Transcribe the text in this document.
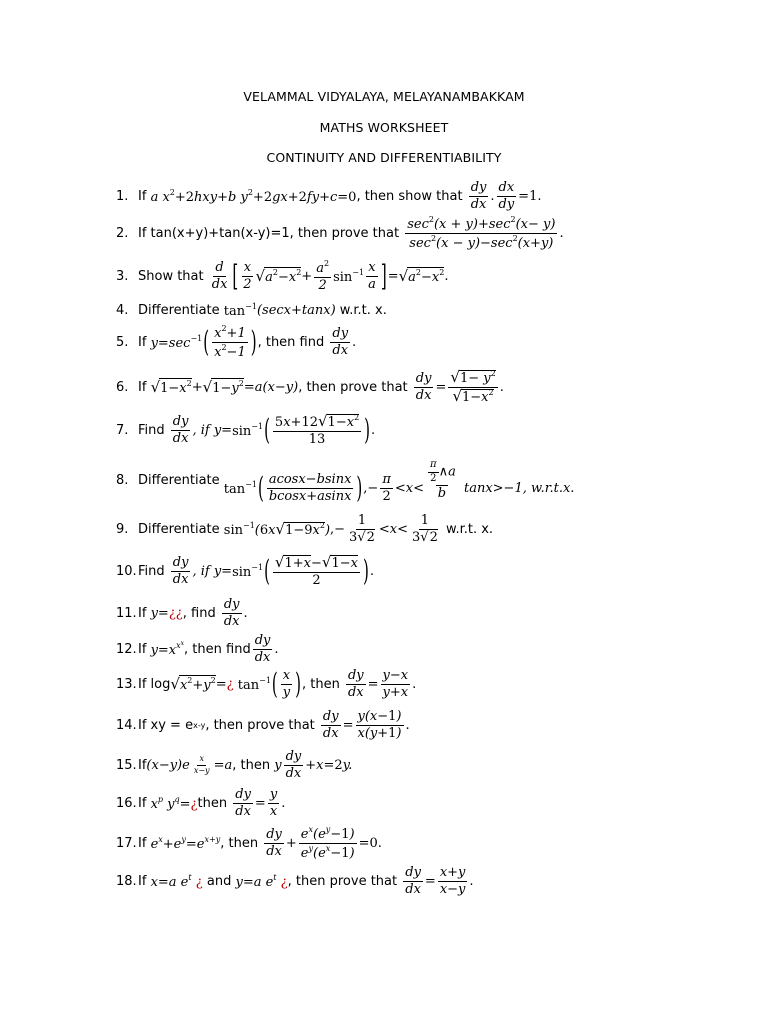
VELAMMAL VIDYALAYA, MELAYANAMBAKKAM
MATHS WORKSHEET
CONTINUITY AND DIFFERENTIABILITY
1. If
a $x^2+2hxy+b$ $y^2+2gx+2fy+c=0$ , then show that
$\frac{dy}{dx}$ . $\frac{dx}{dy} =1$.
2. If tan(x+y)+tan(x-y)=1, then prove that
$\frac{\sec^2(x + y)+\sec^2(x- y)}{\sec^2(x - y)-\sec^2(x+y)}$ .
3. Show that
$\frac{d}{dx}$ [ $\frac{x}{2}$ √ $a^2-x^2 + \frac{a^2}{2} \sin^{-1} \frac{x}{a}$ ] = √ $a^2-x^2$ .
4. Differentiate
$\tan^{-1} (\sec x+\tan x)$
w.r.t. x.
5. If
$y=\sec^{-1}$ ( $\frac{x^2+1}{x^2-1}$ ) , then find
$\frac{dy}{dx}$ .
6. If
√ $1-x^2$ + √ $1-y^2 =a(x-y)$ , then prove that
$\frac{dy}{dx} = \frac{√1- y^2}{√1-x^2}$ .
7. Find
$\frac{dy}{dx}$ , if $y= \sin^{-1}$ ( $\frac{5x+12√1-x^2}{13}$ ) .
8. Differentiate

$\tan^{-1}$ ( $\frac{acosx-bsinx}{bcosx+asinx}$ ) ,− $\frac{\pi}{2} <x< \frac{\frac{\pi}{2} \wedge a}{b} \tan x>-1$, w.r.t.x.
9. Differentiate
$\sin^{-1} (6x√1-9x^2)$ ,− $\frac{1}{3√2} <x< \frac{1}{3√2}$
w.r.t. x.
10. Find
$\frac{dy}{dx}$ , if $y= \sin^{-1}$ ( $\frac{√1+x-√1-x}{2}$ ) .
11. If
y=¿¿ , find
$\frac{dy}{dx}$ .
12. If
$y=x^{x^x}$ , then find $\frac{dy}{dx}$ .
13. If log √ $x^2+y^2$ =¿
$\tan^{-1}$ ( $\frac{x}{y}$ ) , then
$\frac{dy}{dx} = \frac{y-x}{y+x}$ .
14. If xy = e x-y , then prove that
$\frac{dy}{dx} = \frac{y(x-1)}{x(y+1)}$ .
15. If $(x-y)e \frac{x}{x-y} =a$ , then
y $\frac{dy}{dx} +x=2y$.
16. If
$x^p$ $y^q=¿$ then
$\frac{dy}{dx} = \frac{y}{x}$ .
17. If
$e^x+e^y=e^{x+y}$ , then
$\frac{dy}{dx} + \frac{e^x(e^y-1)}{e^y(e^x-1)} =0$.
18. If
x=a $e^t$ ¿
and
y=a $e^t$ ¿ , then prove that
$\frac{dy}{dx} = \frac{x+y}{x-y}$ .
